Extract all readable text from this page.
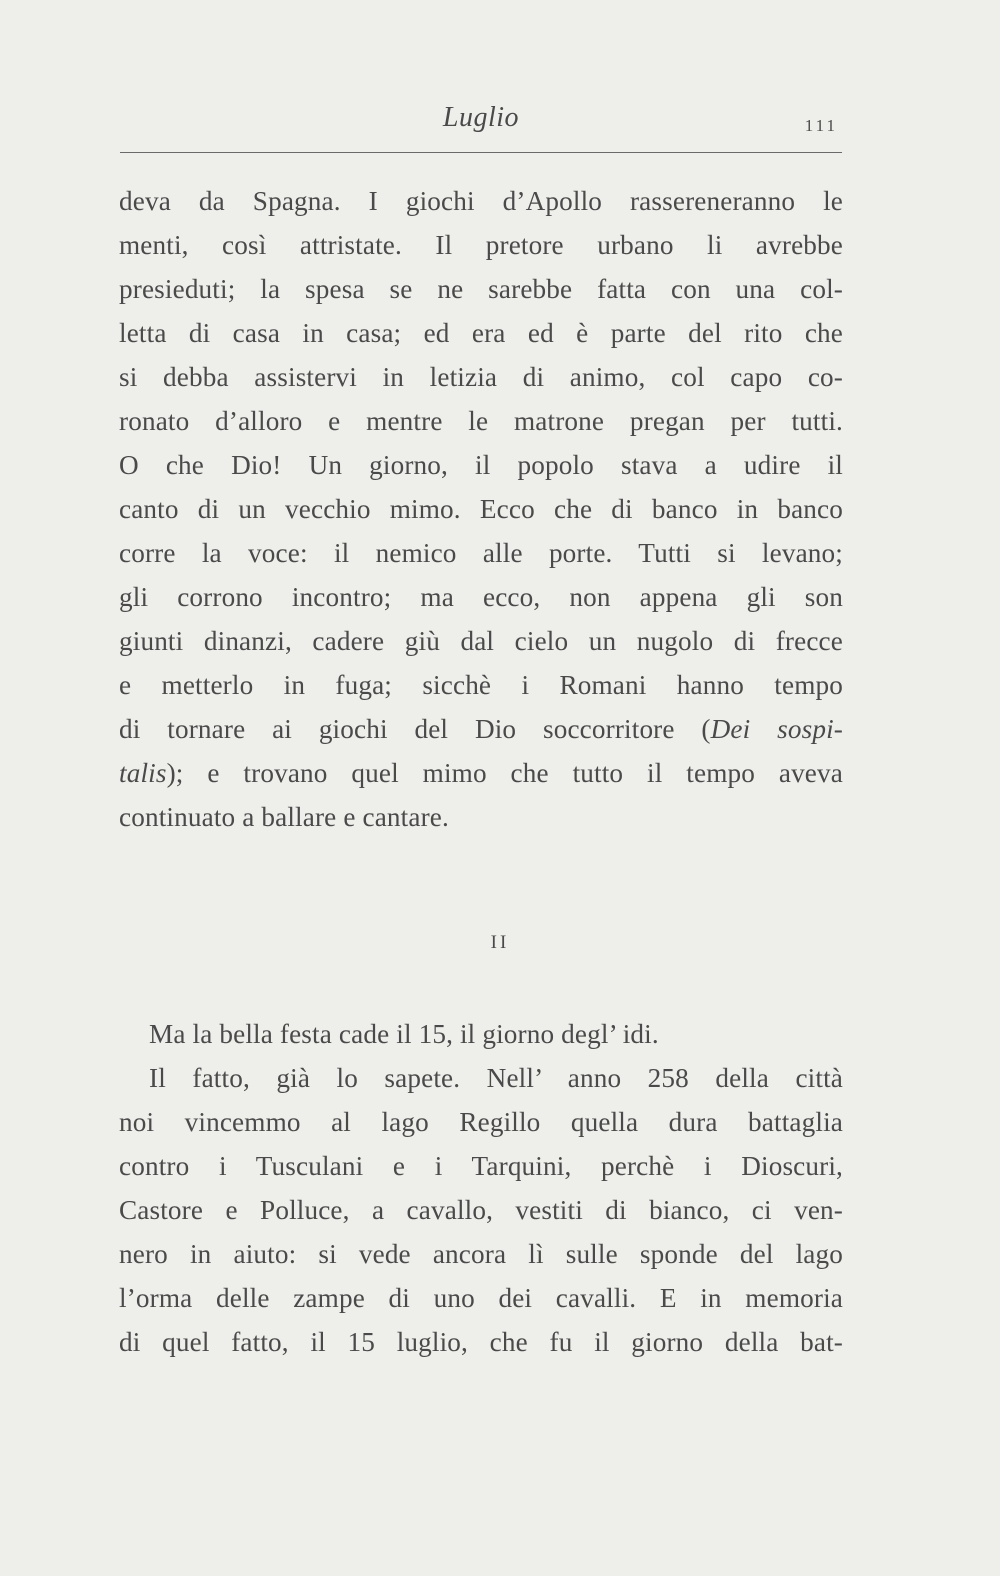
Luglio	111
deva da Spagna. I giochi d’Apollo rassereneranno le
menti, così attristate. Il pretore urbano li avrebbe
presieduti; la spesa se ne sarebbe fatta con una col-
letta di casa in casa; ed era ed è parte del rito che
si debba assistervi in letizia di animo, col capo co-
ronato d’alloro e mentre le matrone pregan per tutti.
O che Dio! Un giorno, il popolo stava a udire il
canto di un vecchio mimo. Ecco che di banco in banco
corre la voce: il nemico alle porte. Tutti si levano;
gli corrono incontro; ma ecco, non appena gli son
giunti dinanzi, cadere giù dal cielo un nugolo di frecce
e metterlo in fuga; sicchè i Romani hanno tempo
di tornare ai giochi del Dio soccorritore (Dei sospi-
talis); e trovano quel mimo che tutto il tempo aveva
continuato a ballare e cantare.
II
Ma la bella festa cade il 15, il giorno degl’ idi.
Il fatto, già lo sapete. Nell’ anno 258 della città
noi vincemmo al lago Regillo quella dura battaglia
contro i Tusculani e i Tarquini, perchè i Dioscuri,
Castore e Polluce, a cavallo, vestiti di bianco, ci ven-
nero in aiuto: si vede ancora lì sulle sponde del lago
l’orma delle zampe di uno dei cavalli. E in memoria
di quel fatto, il 15 luglio, che fu il giorno della bat-
